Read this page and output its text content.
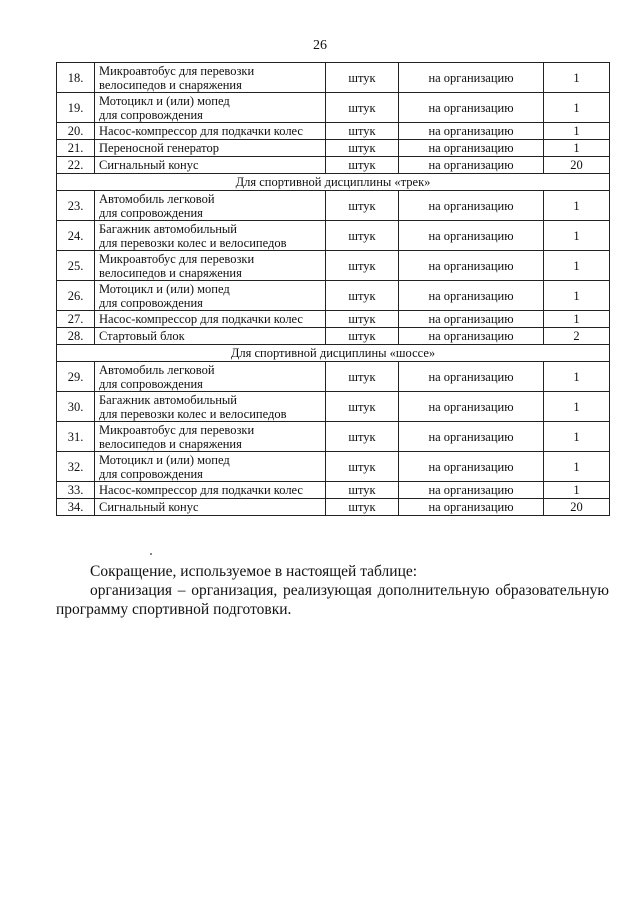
26
18.	Микроавтобус для перевозки
велосипедов и снаряжения	штук	на организацию	1
19.	Мотоцикл и (или) мопед
для сопровождения	штук	на организацию	1
20.	Насос-компрессор для подкачки колес	штук	на организацию	1
21.	Переносной генератор	штук	на организацию	1
22.	Сигнальный конус	штук	на организацию	20
Для спортивной дисциплины «трек»				
23.	Автомобиль легковой
для сопровождения	штук	на организацию	1
24.	Багажник автомобильный
для перевозки колес и велосипедов	штук	на организацию	1
25.	Микроавтобус для перевозки
велосипедов и снаряжения	штук	на организацию	1
26.	Мотоцикл и (или) мопед
для сопровождения	штук	на организацию	1
27.	Насос-компрессор для подкачки колес	штук	на организацию	1
28.	Стартовый блок	штук	на организацию	2
Для спортивной дисциплины «шоссе»				
29.	Автомобиль легковой
для сопровождения	штук	на организацию	1
30.	Багажник автомобильный
для перевозки колес и велосипедов	штук	на организацию	1
31.	Микроавтобус для перевозки
велосипедов и снаряжения	штук	на организацию	1
32.	Мотоцикл и (или) мопед
для сопровождения	штук	на организацию	1
33.	Насос-компрессор для подкачки колес	штук	на организацию	1
34.	Сигнальный конус	штук	на организацию	20
Сокращение, используемое в настоящей таблице:
организация – организация, реализующая дополнительную образовательную программу спортивной подготовки.
